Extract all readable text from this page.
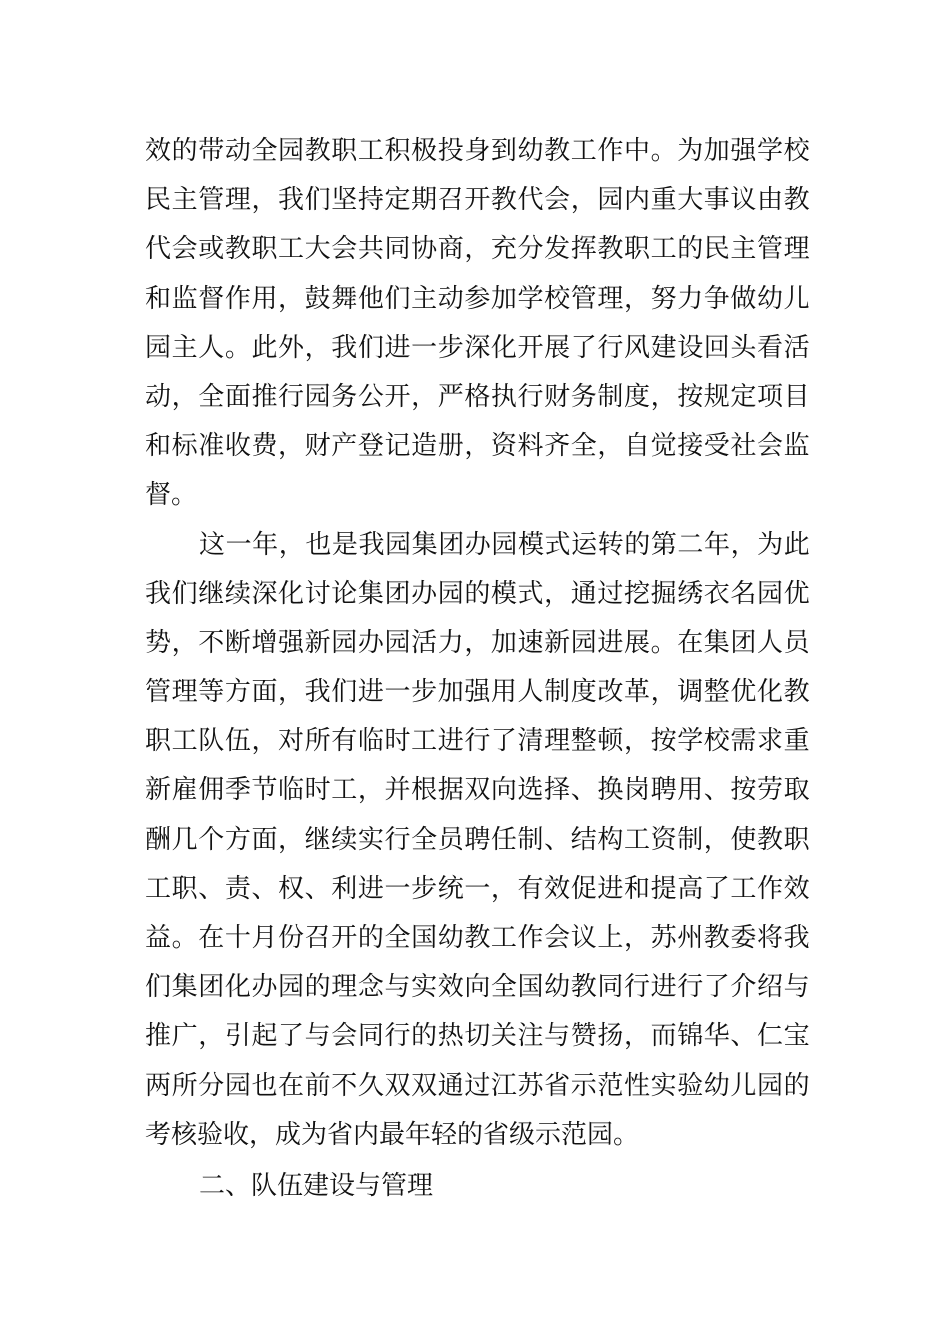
效 的 带 动 全 园 教 职 工 积 极 投 身 到 幼 教 工 作 中 。 为 加 强 学 校
民 主 管 理 ， 我 们 坚 持 定 期 召 开 教 代 会 ， 园 内 重 大 事 议 由 教
代 会 或 教 职 工 大 会 共 同 协 商 ， 充 分 发 挥 教 职 工 的 民 主 管 理
和 监 督 作 用 ， 鼓 舞 他 们 主 动 参 加 学 校 管 理 ， 努 力 争 做 幼 儿
园 主 人 。 此 外 ， 我 们 进 一 步 深 化 开 展 了 行 风 建 设 回 头 看 活
动 ， 全 面 推 行 园 务 公 开 ， 严 格 执 行 财 务 制 度 ， 按 规 定 项 目
和 标 准 收 费 ， 财 产 登 记 造 册 ， 资 料 齐 全 ， 自 觉 接 受 社 会 监
督。
这 一 年 ， 也 是 我 园 集 团 办 园 模 式 运 转 的 第 二 年 ， 为 此
我 们 继 续 深 化 讨 论 集 团 办 园 的 模 式 ， 通 过 挖 掘 绣 衣 名 园 优
势 ， 不 断 增 强 新 园 办 园 活 力 ， 加 速 新 园 进 展 。 在 集 团 人 员
管 理 等 方 面 ， 我 们 进 一 步 加 强 用 人 制 度 改 革 ， 调 整 优 化 教
职 工 队 伍 ， 对 所 有 临 时 工 进 行 了 清 理 整 顿 ， 按 学 校 需 求 重
新 雇 佣 季 节 临 时 工 ， 并 根 据 双 向 选 择 、 换 岗 聘 用 、 按 劳 取
酬 几 个 方 面 ， 继 续 实 行 全 员 聘 任 制 、 结 构 工 资 制 ， 使 教 职
工 职 、 责 、 权 、 利 进 一 步 统 一 ， 有 效 促 进 和 提 高 了 工 作 效
益 。 在 十 月 份 召 开 的 全 国 幼 教 工 作 会 议 上 ， 苏 州 教 委 将 我
们 集 团 化 办 园 的 理 念 与 实 效 向 全 国 幼 教 同 行 进 行 了 介 绍 与
推 广 ， 引 起 了 与 会 同 行 的 热 切 关 注 与 赞 扬 ， 而 锦 华 、 仁 宝
两 所 分 园 也 在 前 不 久 双 双 通 过 江 苏 省 示 范 性 实 验 幼 儿 园 的
考核验收，成为省内最年轻的省级示范园。
二、队伍建设与管理
